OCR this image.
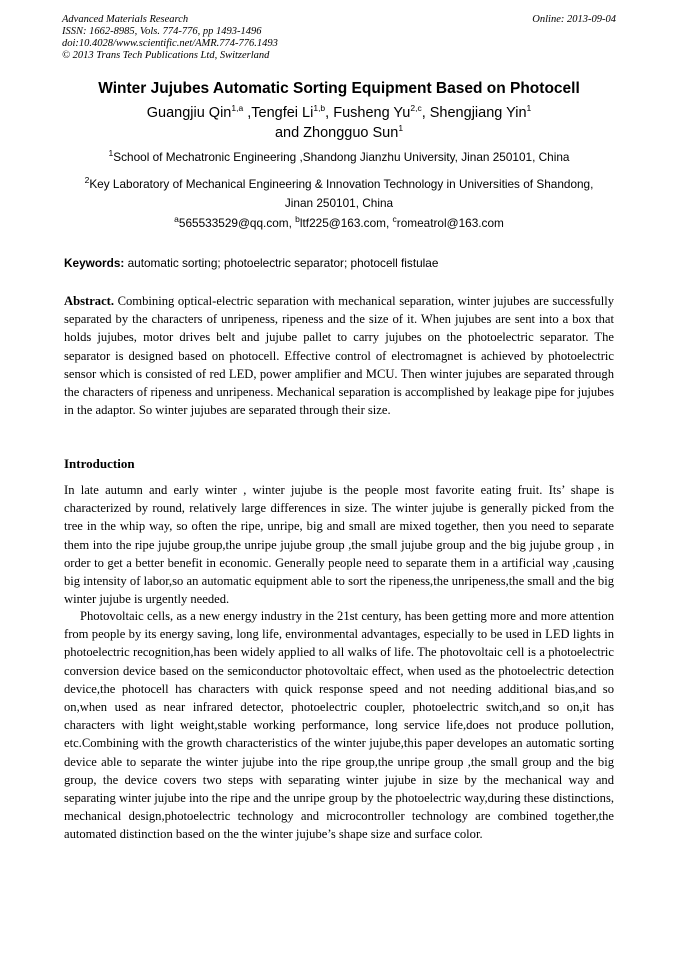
Advanced Materials Research
ISSN: 1662-8985, Vols. 774-776, pp 1493-1496
doi:10.4028/www.scientific.net/AMR.774-776.1493
© 2013 Trans Tech Publications Ltd, Switzerland
Online: 2013-09-04
Winter Jujubes Automatic Sorting Equipment Based on Photocell
Guangjiu Qin$^{1,a}$ ,Tengfei Li$^{1,b}$, Fusheng Yu$^{2,c}$, Shengjiang Yin$^1$
and Zhongguo Sun$^1$
$^1$School of Mechatronic Engineering ,Shandong Jianzhu University, Jinan 250101, China
$^2$Key Laboratory of Mechanical Engineering & Innovation Technology in Universities of Shandong,
Jinan 250101, China
$^a$565533529@qq.com, $^b$ltf225@163.com, $^c$romeatrol@163.com
Keywords: automatic sorting; photoelectric separator; photocell fistulae
Abstract. Combining optical-electric separation with mechanical separation, winter jujubes are successfully separated by the characters of unripeness, ripeness and the size of it. When jujubes are sent into a box that holds jujubes, motor drives belt and jujube pallet to carry jujubes on the photoelectric separator. The separator is designed based on photocell. Effective control of electromagnet is achieved by photoelectric sensor which is consisted of red LED, power amplifier and MCU. Then winter jujubes are separated through the characters of ripeness and unripeness. Mechanical separation is accomplished by leakage pipe for jujubes in the adaptor. So winter jujubes are separated through their size.
Introduction
In late autumn and early winter , winter jujube is the people most favorite eating fruit. Its’ shape is characterized by round, relatively large differences in size. The winter jujube is generally picked from the tree in the whip way, so often the ripe, unripe, big and small are mixed together, then you need to separate them into the ripe jujube group,the unripe jujube group ,the small jujube group and the big jujube group , in order to get a better benefit in economic. Generally people need to separate them in a artificial way ,causing big intensity of labor,so an automatic equipment able to sort the ripeness,the unripeness,the small and the big winter jujube is urgently needed.
Photovoltaic cells, as a new energy industry in the 21st century, has been getting more and more attention from people by its energy saving, long life, environmental advantages, especially to be used in LED lights in photoelectric recognition,has been widely applied to all walks of life. The photovoltaic cell is a photoelectric conversion device based on the semiconductor photovoltaic effect, when used as the photoelectric detection device,the photocell has characters with quick response speed and not needing additional bias,and so on,when used as near infrared detector, photoelectric coupler, photoelectric switch,and so on,it has characters with light weight,stable working performance, long service life,does not produce pollution, etc.Combining with the growth characteristics of the winter jujube,this paper developes an automatic sorting device able to separate the winter jujube into the ripe group,the unripe group ,the small group and the big group, the device covers two steps with separating winter jujube in size by the mechanical way and separating winter jujube into the ripe and the unripe group by the photoelectric way,during these distinctions, mechanical design,photoelectric technology and microcontroller technology are combined together,the automated distinction based on the the winter jujube’s shape size and surface color.
